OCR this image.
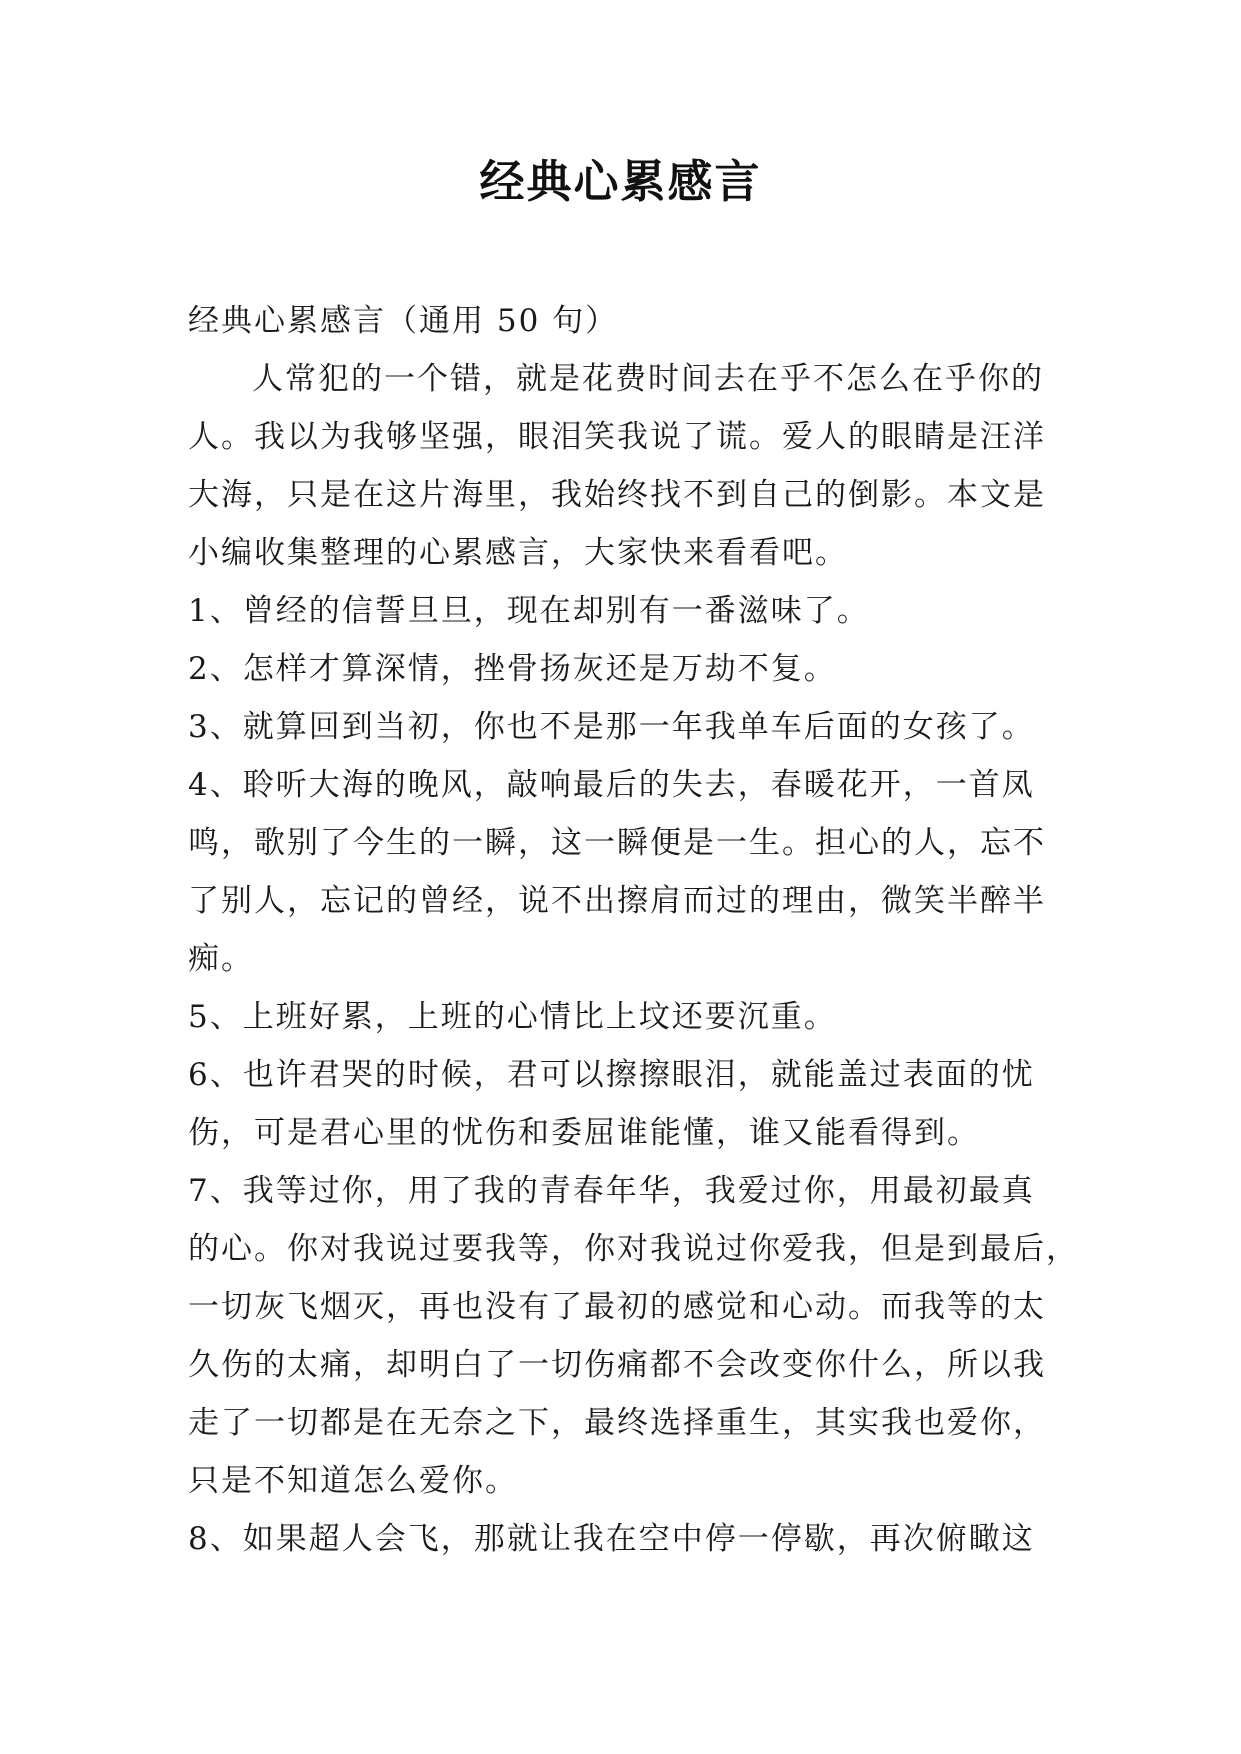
经典心累感言
经典心累感言（通用 50 句）
人常犯的一个错，就是花费时间去在乎不怎么在乎你的
人。我以为我够坚强，眼泪笑我说了谎。爱人的眼睛是汪洋
大海，只是在这片海里，我始终找不到自己的倒影。本文是
小编收集整理的心累感言，大家快来看看吧。
1、曾经的信誓旦旦，现在却别有一番滋味了。
2、怎样才算深情，挫骨扬灰还是万劫不复。
3、就算回到当初，你也不是那一年我单车后面的女孩了。
4、聆听大海的晚风，敲响最后的失去，春暖花开，一首凤
鸣，歌别了今生的一瞬，这一瞬便是一生。担心的人，忘不
了别人，忘记的曾经，说不出擦肩而过的理由，微笑半醉半
痴。
5、上班好累，上班的心情比上坟还要沉重。
6、也许君哭的时候，君可以擦擦眼泪，就能盖过表面的忧
伤，可是君心里的忧伤和委屈谁能懂，谁又能看得到。
7、我等过你，用了我的青春年华，我爱过你，用最初最真
的心。你对我说过要我等，你对我说过你爱我，但是到最后，
一切灰飞烟灭，再也没有了最初的感觉和心动。而我等的太
久伤的太痛，却明白了一切伤痛都不会改变你什么，所以我
走了一切都是在无奈之下，最终选择重生，其实我也爱你，
只是不知道怎么爱你。
8、如果超人会飞，那就让我在空中停一停歇，再次俯瞰这
